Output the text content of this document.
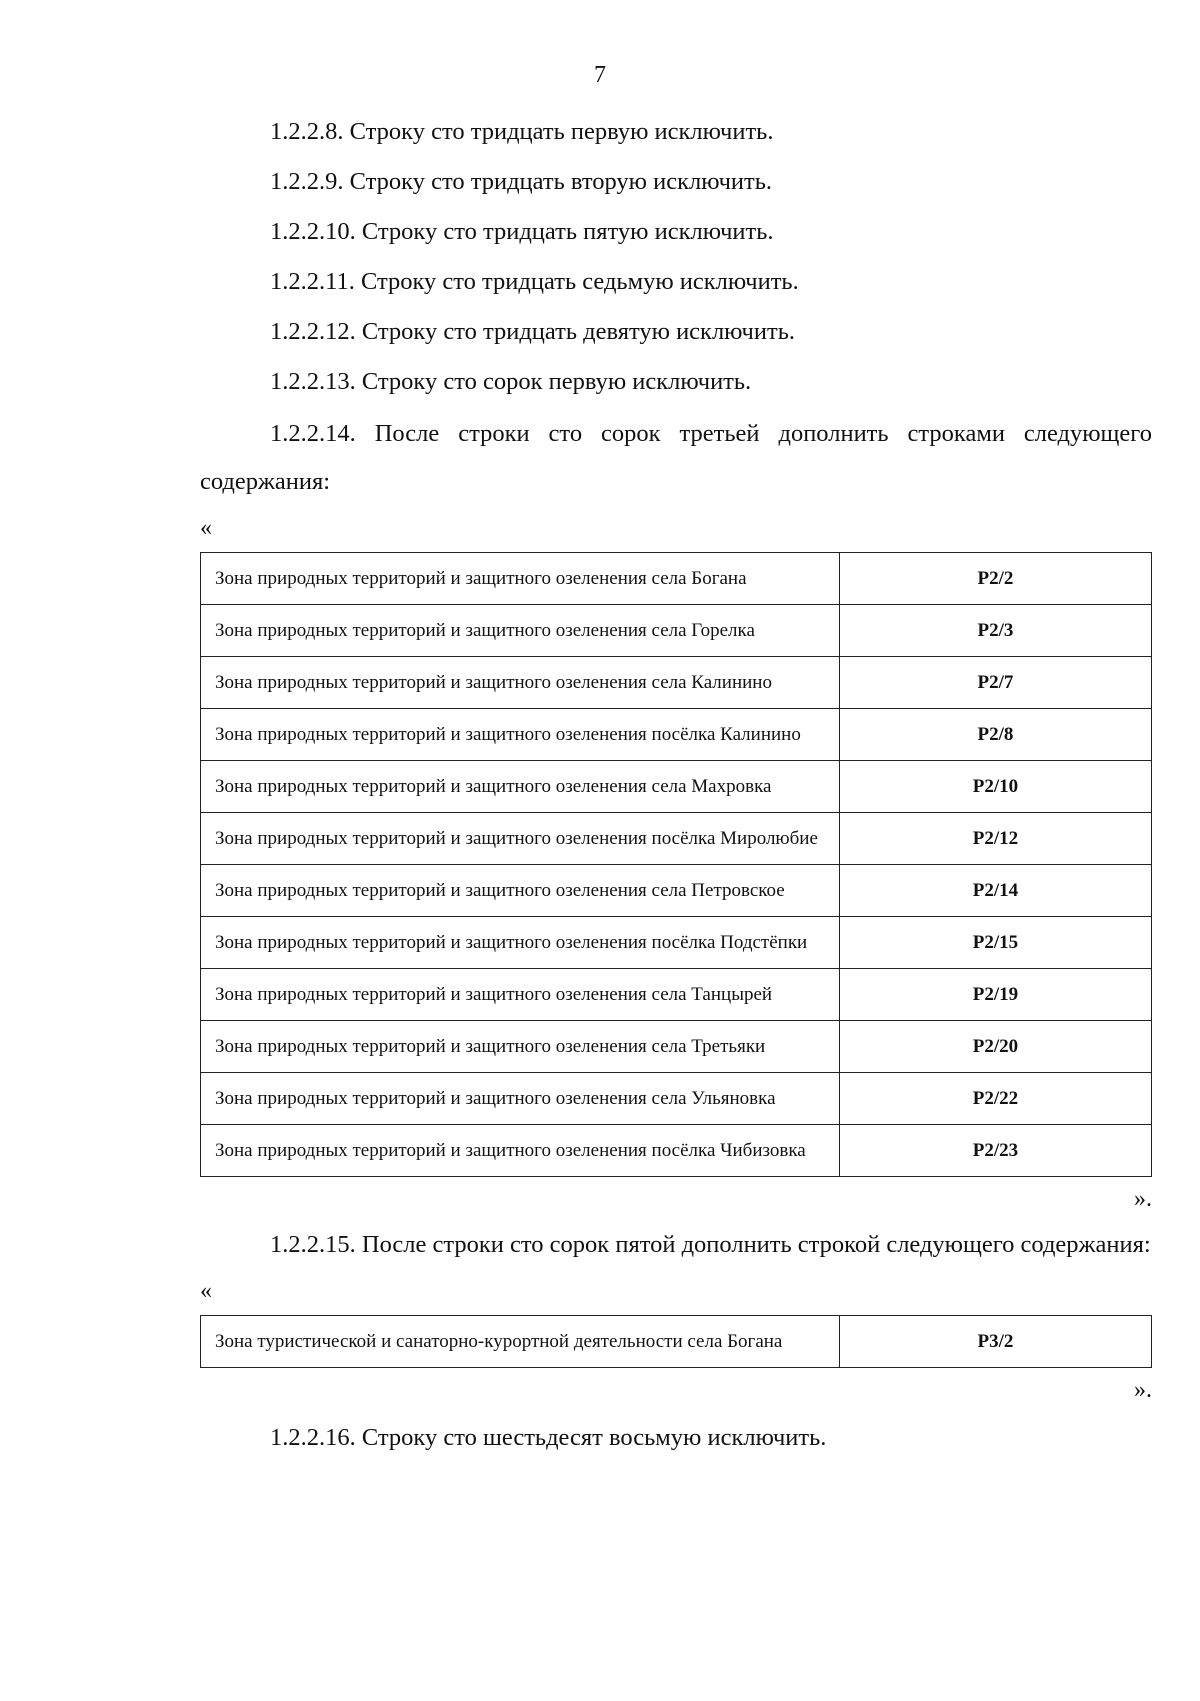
7

1.2.2.8. Строку сто тридцать первую исключить.

1.2.2.9. Строку сто тридцать вторую исключить.

1.2.2.10. Строку сто тридцать пятую исключить.

1.2.2.11. Строку сто тридцать седьмую исключить.

1.2.2.12. Строку сто тридцать девятую исключить.

1.2.2.13. Строку сто сорок первую исключить.

1.2.2.14. После строки сто сорок третьей дополнить строками следующего содержания:

«
Зона природных территорий и защитного озеленения села Богана	Р2/2
Зона природных территорий и защитного озеленения села Горелка	Р2/3
Зона природных территорий и защитного озеленения села Калинино	Р2/7
Зона природных территорий и защитного озеленения посёлка Калинино	Р2/8
Зона природных территорий и защитного озеленения села Махровка	Р2/10
Зона природных территорий и защитного озеленения посёлка Миролюбие	Р2/12
Зона природных территорий и защитного озеленения села Петровское	Р2/14
Зона природных территорий и защитного озеленения посёлка Подстёпки	Р2/15
Зона природных территорий и защитного озеленения села Танцырей	Р2/19
Зона природных территорий и защитного озеленения села Третьяки	Р2/20
Зона природных территорий и защитного озеленения села Ульяновка	Р2/22
Зона природных территорий и защитного озеленения посёлка Чибизовка	Р2/23
».

1.2.2.15. После строки сто сорок пятой дополнить строкой следующего содержания:

«
Зона туристической и санаторно-курортной деятельности села Богана	Р3/2
».

1.2.2.16. Строку сто шестьдесят восьмую исключить.
